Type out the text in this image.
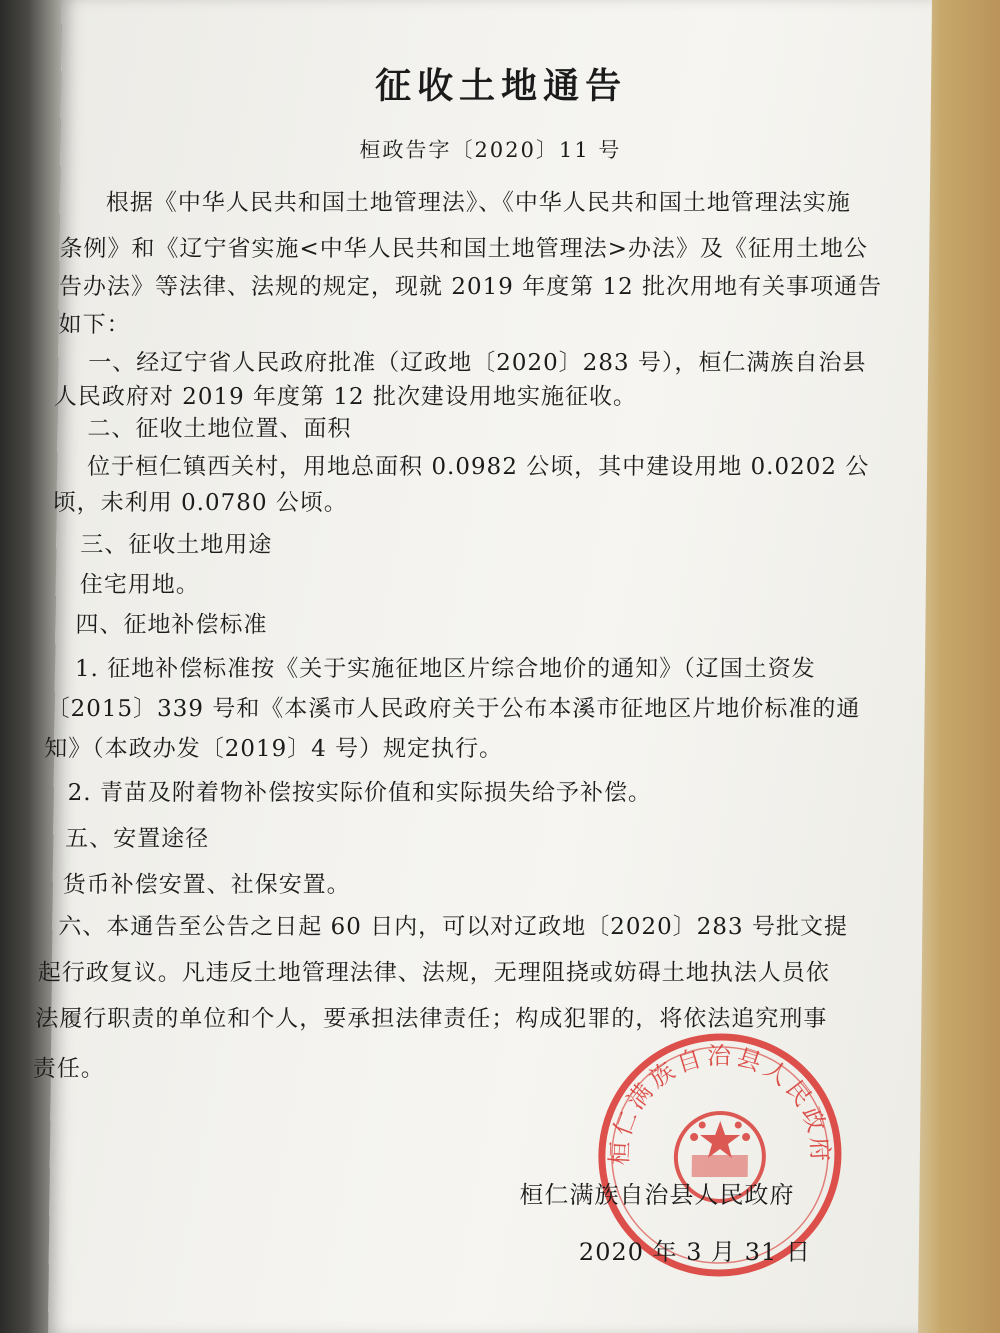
征收土地通告
桓政告字〔2020〕11 号
根据《中华人民共和国土地管理法》、《中华人民共和国土地管理法实施
条例》和《辽宁省实施<中华人民共和国土地管理法>办法》及《征用土地公
告办法》等法律、法规的规定，现就 2019 年度第 12 批次用地有关事项通告
如下：
一、经辽宁省人民政府批准（辽政地〔2020〕283 号），桓仁满族自治县
人民政府对 2019 年度第 12 批次建设用地实施征收。
二、征收土地位置、面积
位于桓仁镇西关村，用地总面积 0.0982 公顷，其中建设用地 0.0202 公
顷，未利用 0.0780 公顷。
三、征收土地用途
住宅用地。
四、征地补偿标准
1. 征地补偿标准按《关于实施征地区片综合地价的通知》（辽国土资发
〔2015〕339 号和《本溪市人民政府关于公布本溪市征地区片地价标准的通
知》（本政办发〔2019〕4 号）规定执行。
2. 青苗及附着物补偿按实际价值和实际损失给予补偿。
五、安置途径
货币补偿安置、社保安置。
六、本通告至公告之日起 60 日内，可以对辽政地〔2020〕283 号批文提
起行政复议。凡违反土地管理法律、法规，无理阻挠或妨碍土地执法人员依
法履行职责的单位和个人，要承担法律责任；构成犯罪的，将依法追究刑事
责任。
桓仁满族自治县人民政府
桓仁满族自治县人民政府
2020 年 3 月 31 日
